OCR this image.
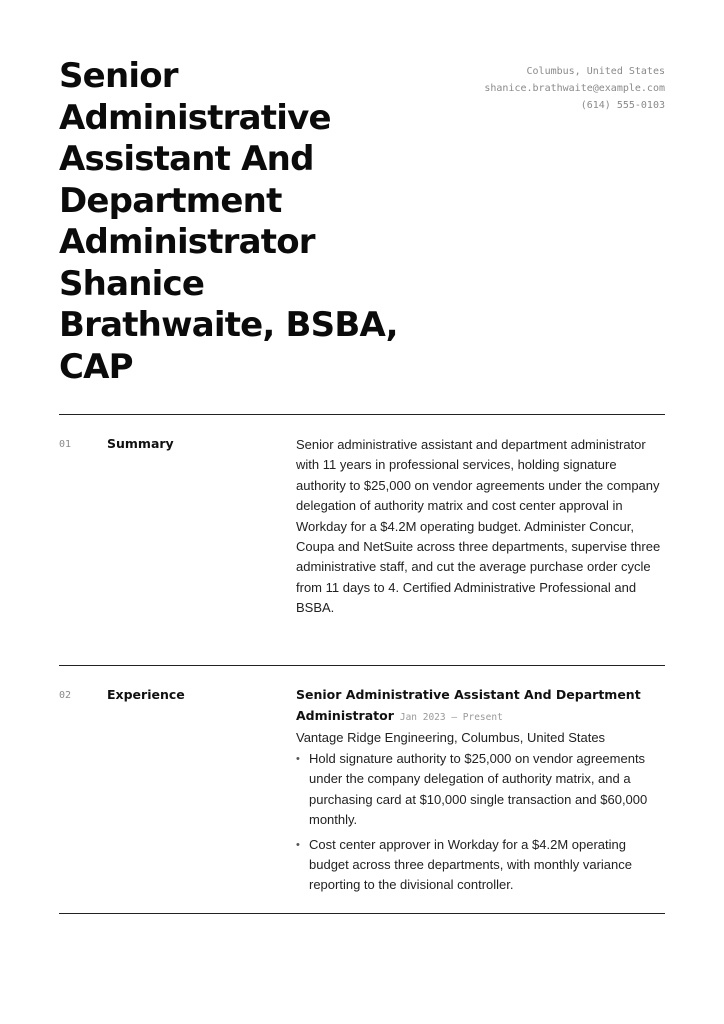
Senior
Administrative
Assistant And
Department
Administrator
Shanice
Brathwaite, BSBA,
CAP
Columbus, United States
shanice.brathwaite@example.com
(614) 555-0103
01	Summary	Senior administrative assistant and department administrator with 11 years in professional services, holding signature authority to $25,000 on vendor agreements under the company delegation of authority matrix and cost center approval in Workday for a $4.2M operating budget. Administer Concur, Coupa and NetSuite across three departments, supervise three administrative staff, and cut the average purchase order cycle from 11 days to 4. Certified Administrative Professional and BSBA.
02	Experience	Senior Administrative Assistant And Department Administrator Jan 2023 — Present
Vantage Ridge Engineering, Columbus, United States
• Hold signature authority to $25,000 on vendor agreements under the company delegation of authority matrix, and a purchasing card at $10,000 single transaction and $60,000 monthly.
• Cost center approver in Workday for a $4.2M operating budget across three departments, with monthly variance reporting to the divisional controller.
